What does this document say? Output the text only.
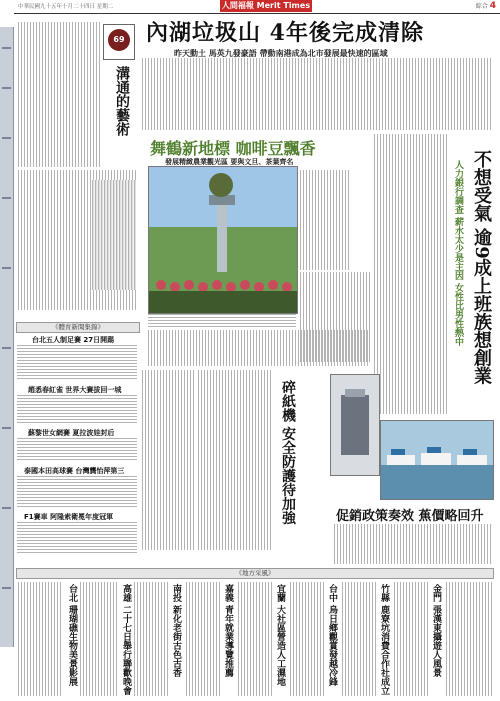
中華民國九十五年十月二十四日 星期二	人間福報 Merit Times	綜合 4
69
溝通的藝術
《體育新聞集錦》
台北五人制足賽 27日開踢
趙悉春紅雀 世界大賽拔回一城
蘇黎世女網賽 夏拉波娃封后
泰國本田高球賽 台灣龔怡萍第三
F1賽車 阿隆索衛冕年度冠軍
內湖垃圾山 4年後完成清除
昨天動土 馬英九發豪語 帶動南港成為北市發展最快速的區域
舞鶴新地標 咖啡豆飄香
發展精緻農業觀光區 要與文旦、茶葉齊名	不想受氣 逾9成上班族想創業
人力銀行調查 薪水太少是主因 女性比男性熱中
碎紙機 安全防護待加強	促銷政策奏效 蕉價略回升
《地方采風》
台北 珊瑚礁生物美景影展
高雄 二十七日舉行聯歡晚會
南投 新化老街古色古香
嘉義 青年就業導覽推薦
宜蘭 大社區營造人工濕地
台中 烏日鄉觀賞發越冷鋒
竹縣 鹿寮坑消費合作社成立
金門 張漢東攝遊人風景
